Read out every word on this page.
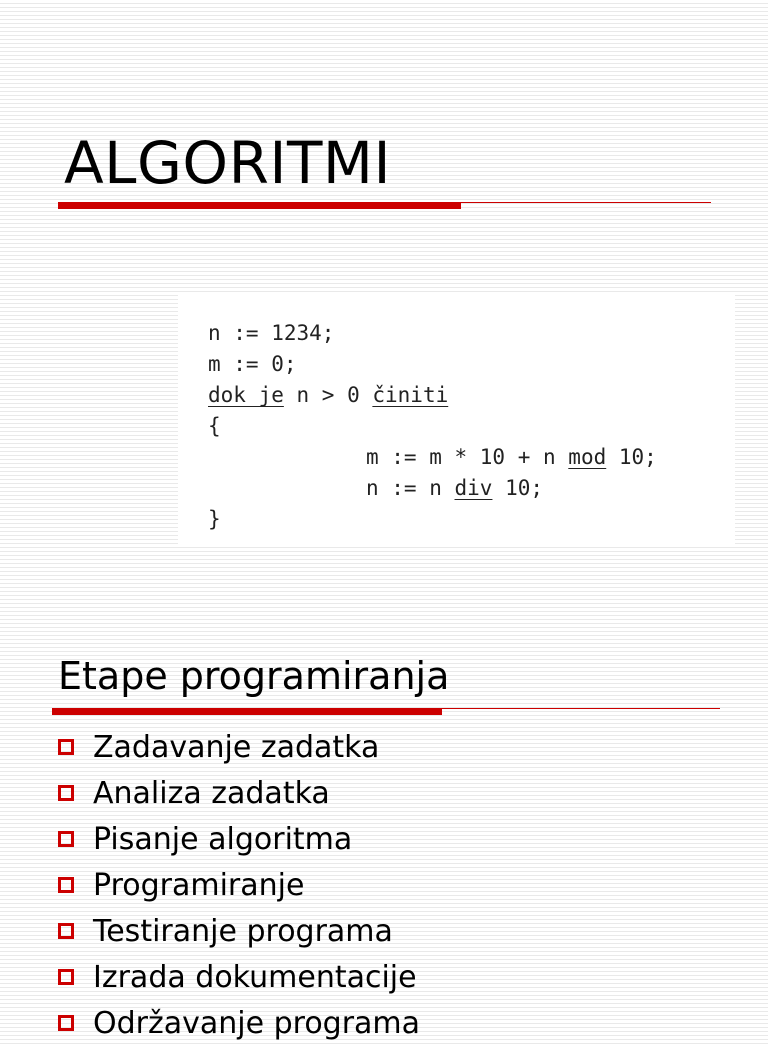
ALGORITMI
n := 1234;
m := 0;
dok je n > 0 činiti
{
m := m * 10 + n mod 10;
n := n div 10;
}
Etape programiranja
Zadavanje zadatka
Analiza zadatka
Pisanje algoritma
Programiranje
Testiranje programa
Izrada dokumentacije
Održavanje programa
